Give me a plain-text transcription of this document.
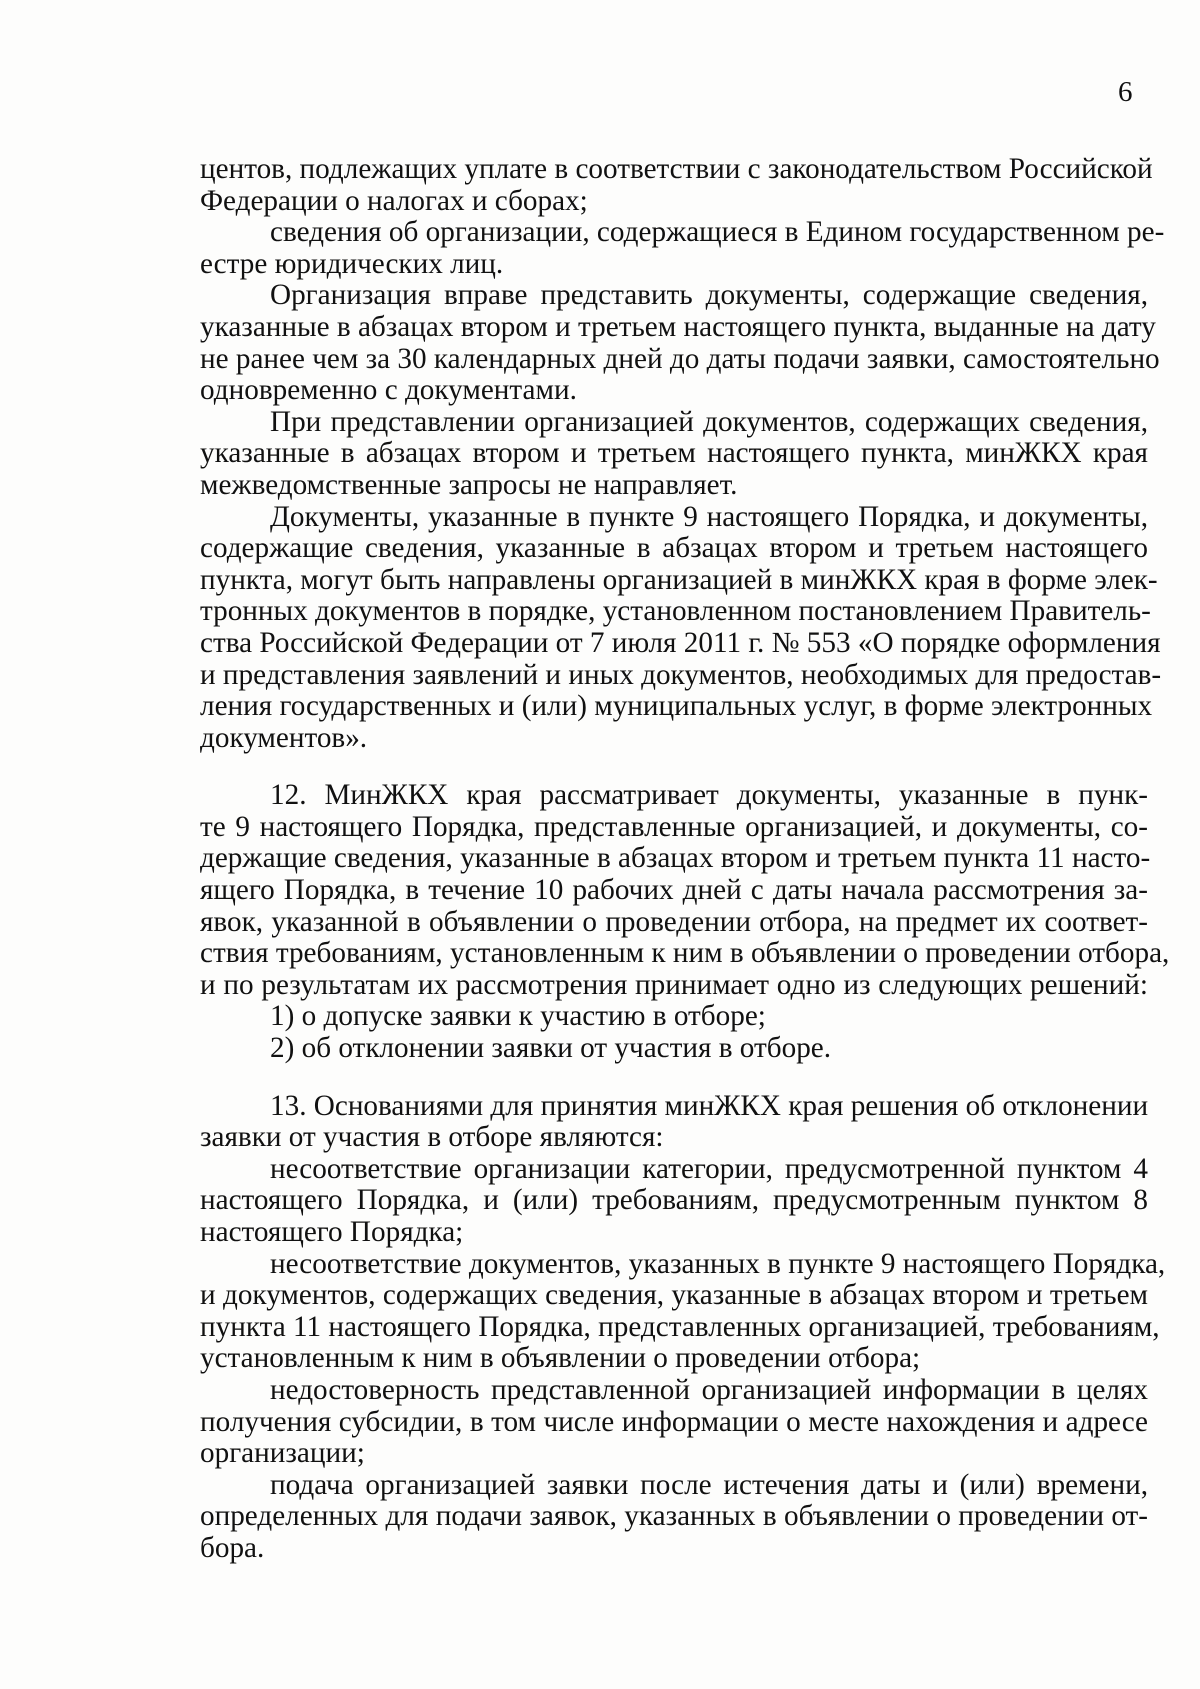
6
центов, подлежащих уплате в соответствии с законодательством Российской
Федерации о налогах и сборах;
сведения об организации, содержащиеся в Едином государственном ре-
естре юридических лиц.
Организация вправе представить документы, содержащие сведения,
указанные в абзацах втором и третьем настоящего пункта, выданные на дату
не ранее чем за 30 календарных дней до даты подачи заявки, самостоятельно
одновременно с документами.
При представлении организацией документов, содержащих сведения,
указанные в абзацах втором и третьем настоящего пункта, минЖКХ края
межведомственные запросы не направляет.
Документы, указанные в пункте 9 настоящего Порядка, и документы,
содержащие сведения, указанные в абзацах втором и третьем настоящего
пункта, могут быть направлены организацией в минЖКХ края в форме элек-
тронных документов в порядке, установленном постановлением Правитель-
ства Российской Федерации от 7 июля 2011 г. № 553 «О порядке оформления
и представления заявлений и иных документов, необходимых для предостав-
ления государственных и (или) муниципальных услуг, в форме электронных
документов».
12. МинЖКХ края рассматривает документы, указанные в пунк-
те 9 настоящего Порядка, представленные организацией, и документы, со-
держащие сведения, указанные в абзацах втором и третьем пункта 11 насто-
ящего Порядка, в течение 10 рабочих дней с даты начала рассмотрения за-
явок, указанной в объявлении о проведении отбора, на предмет их соответ-
ствия требованиям, установленным к ним в объявлении о проведении отбора,
и по результатам их рассмотрения принимает одно из следующих решений:
1) о допуске заявки к участию в отборе;
2) об отклонении заявки от участия в отборе.
13. Основаниями для принятия минЖКХ края решения об отклонении
заявки от участия в отборе являются:
несоответствие организации категории, предусмотренной пунктом 4
настоящего Порядка, и (или) требованиям, предусмотренным пунктом 8
настоящего Порядка;
несоответствие документов, указанных в пункте 9 настоящего Порядка,
и документов, содержащих сведения, указанные в абзацах втором и третьем
пункта 11 настоящего Порядка, представленных организацией, требованиям,
установленным к ним в объявлении о проведении отбора;
недостоверность представленной организацией информации в целях
получения субсидии, в том числе информации о месте нахождения и адресе
организации;
подача организацией заявки после истечения даты и (или) времени,
определенных для подачи заявок, указанных в объявлении о проведении от-
бора.
